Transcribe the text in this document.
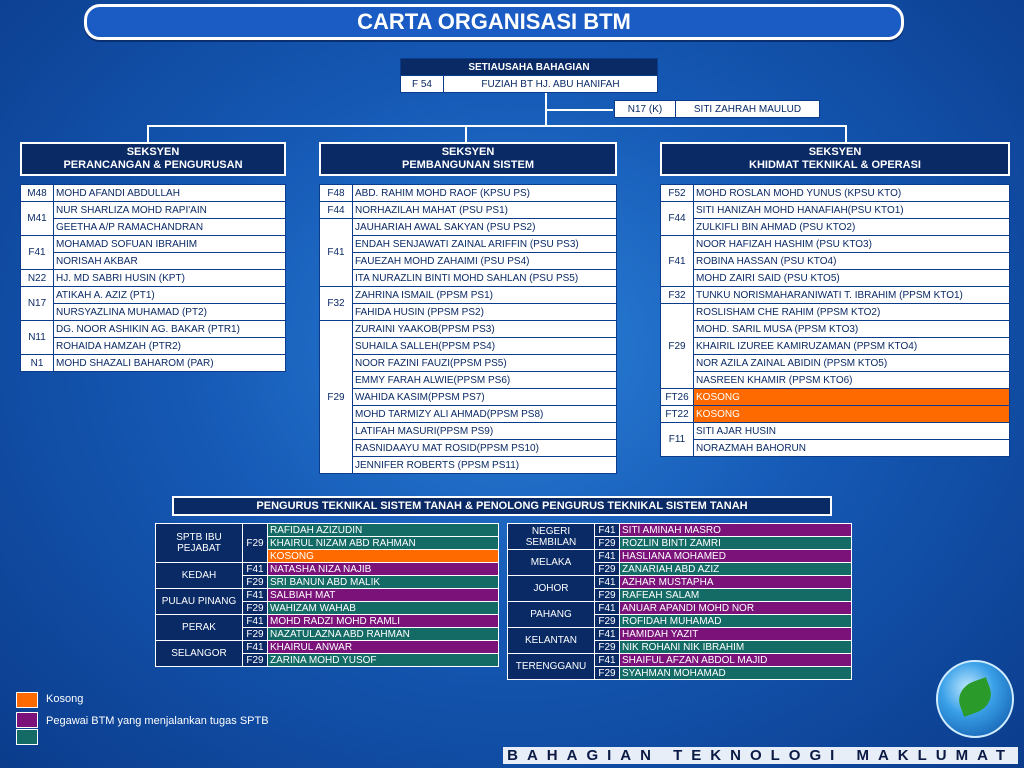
CARTA ORGANISASI BTM
SETIAUSAHA BAHAGIAN
F 54	FUZIAH BT HJ. ABU HANIFAH
N17 (K)	SITI ZAHRAH MAULUD
SEKSYEN
PERANCANGAN & PENGURUSAN
SEKSYEN
PEMBANGUNAN SISTEM
SEKSYEN
KHIDMAT TEKNIKAL & OPERASI
M48	MOHD AFANDI ABDULLAH
M41	NUR SHARLIZA MOHD RAPI'AIN
	GEETHA A/P RAMACHANDRAN
F41	MOHAMAD SOFUAN IBRAHIM
	NORISAH AKBAR
N22	HJ. MD SABRI HUSIN (KPT)
N17	ATIKAH A. AZIZ (PT1)
	NURSYAZLINA MUHAMAD (PT2)
N11	DG. NOOR ASHIKIN AG. BAKAR (PTR1)
	ROHAIDA HAMZAH (PTR2)
N1	MOHD SHAZALI BAHAROM (PAR)
F48	ABD. RAHIM MOHD RAOF (KPSU PS)
F44	NORHAZILAH MAHAT (PSU PS1)
F41	JAUHARIAH AWAL SAKYAN (PSU PS2)
	ENDAH SENJAWATI ZAINAL ARIFFIN (PSU PS3)
	FAUEZAH MOHD ZAHAIMI (PSU PS4)
	ITA NURAZLIN BINTI MOHD SAHLAN (PSU PS5)
F32	ZAHRINA ISMAIL (PPSM PS1)
	FAHIDA HUSIN (PPSM PS2)
F29	ZURAINI YAAKOB(PPSM PS3)
	SUHAILA SALLEH(PPSM PS4)
	NOOR FAZINI FAUZI(PPSM PS5)
	EMMY FARAH ALWIE(PPSM PS6)
	WAHIDA KASIM(PPSM PS7)
	MOHD TARMIZY ALI AHMAD(PPSM PS8)
	LATIFAH MASURI(PPSM PS9)
	RASNIDAAYU MAT ROSID(PPSM PS10)
	JENNIFER ROBERTS (PPSM PS11)
F52	MOHD ROSLAN MOHD YUNUS (KPSU KTO)
F44	SITI HANIZAH MOHD HANAFIAH(PSU KTO1)
	ZULKIFLI BIN AHMAD (PSU KTO2)
F41	NOOR HAFIZAH HASHIM (PSU KTO3)
	ROBINA HASSAN (PSU KTO4)
	MOHD ZAIRI SAID (PSU KTO5)
F32	TUNKU NORISMAHARANIWATI T. IBRAHIM (PPSM KTO1)
F29	ROSLISHAM CHE RAHIM (PPSM KTO2)
	MOHD. SARIL MUSA (PPSM KTO3)
	KHAIRIL IZUREE KAMIRUZAMAN (PPSM KTO4)
	NOR AZILA ZAINAL ABIDIN (PPSM KTO5)
	NASREEN KHAMIR (PPSM KTO6)
FT26	KOSONG
FT22	KOSONG
F11	SITI AJAR HUSIN
	NORAZMAH BAHORUN
PENGURUS TEKNIKAL SISTEM TANAH & PENOLONG PENGURUS TEKNIKAL SISTEM TANAH
SPTB IBU PEJABAT	F29	RAFIDAH AZIZUDIN
		KHAIRUL NIZAM ABD RAHMAN
		KOSONG
KEDAH	F41	NATASHA NIZA NAJIB
	F29	SRI BANUN ABD MALIK
PULAU PINANG	F41	SALBIAH MAT
	F29	WAHIZAM WAHAB
PERAK	F41	MOHD RADZI MOHD RAMLI
	F29	NAZATULAZNA ABD RAHMAN
SELANGOR	F41	KHAIRUL ANWAR
	F29	ZARINA MOHD YUSOF
NEGERI SEMBILAN	F41	SITI AMINAH MASRO
	F29	ROZLIN BINTI ZAMRI
MELAKA	F41	HASLIANA MOHAMED
	F29	ZANARIAH ABD AZIZ
JOHOR	F41	AZHAR MUSTAPHA
	F29	RAFEAH SALAM
PAHANG	F41	ANUAR APANDI MOHD NOR
	F29	ROFIDAH MUHAMAD
KELANTAN	F41	HAMIDAH YAZIT
	F29	NIK ROHANI NIK IBRAHIM
TERENGGANU	F41	SHAIFUL AFZAN ABDOL MAJID
	F29	SYAHMAN MOHAMAD
Kosong
Pegawai BTM yang menjalankan tugas SPTB
BAHAGIAN TEKNOLOGI MAKLUMAT
